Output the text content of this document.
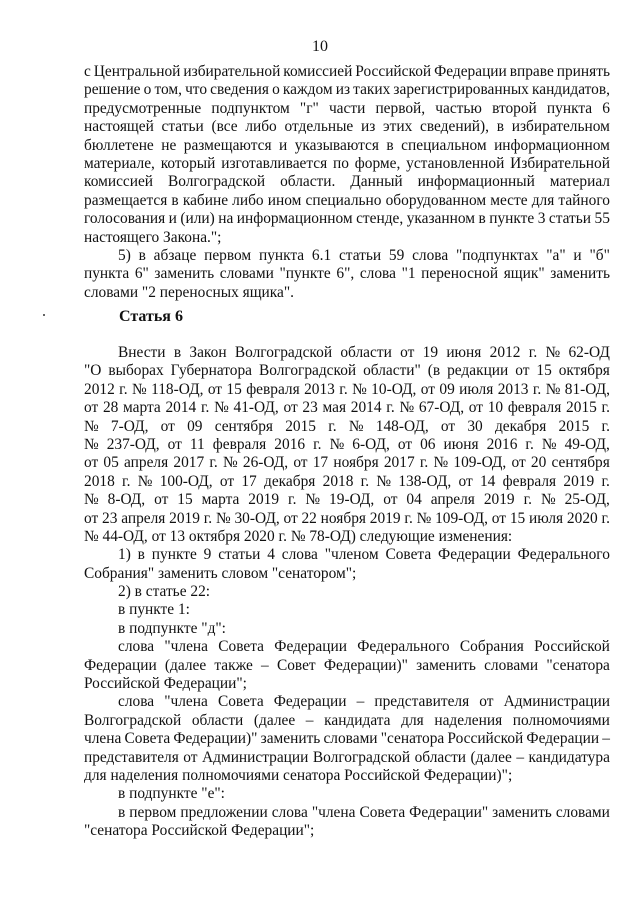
10
с Центральной избирательной комиссией Российской Федерации вправе принять
решение о том, что сведения о каждом из таких зарегистрированных кандидатов,
предусмотренные подпунктом "г" части первой, частью второй пункта 6
настоящей статьи (все либо отдельные из этих сведений), в избирательном
бюллетене не размещаются и указываются в специальном информационном
материале, который изготавливается по форме, установленной Избирательной
комиссией Волгоградской области. Данный информационный материал
размещается в кабине либо ином специально оборудованном месте для тайного
голосования и (или) на информационном стенде, указанном в пункте 3 статьи 55
настоящего Закона.";
5) в абзаце первом пункта 6.1 статьи 59 слова "подпунктах "а" и "б"
пункта 6" заменить словами "пункте 6", слова "1 переносной ящик" заменить
словами "2 переносных ящика".
Статья 6
Внести в Закон Волгоградской области от 19 июня 2012 г. № 62-ОД
"О выборах Губернатора Волгоградской области" (в редакции от 15 октября
2012 г. № 118-ОД, от 15 февраля 2013 г. № 10-ОД, от 09 июля 2013 г. № 81-ОД,
от 28 марта 2014 г. № 41-ОД, от 23 мая 2014 г. № 67-ОД, от 10 февраля 2015 г.
№ 7-ОД, от 09 сентября 2015 г. № 148-ОД, от 30 декабря 2015 г.
№ 237-ОД, от 11 февраля 2016 г. № 6-ОД, от 06 июня 2016 г. № 49-ОД,
от 05 апреля 2017 г. № 26-ОД, от 17 ноября 2017 г. № 109-ОД, от 20 сентября
2018 г. № 100-ОД, от 17 декабря 2018 г. № 138-ОД, от 14 февраля 2019 г.
№ 8-ОД, от 15 марта 2019 г. № 19-ОД, от 04 апреля 2019 г. № 25-ОД,
от 23 апреля 2019 г. № 30-ОД, от 22 ноября 2019 г. № 109-ОД, от 15 июля 2020 г.
№ 44-ОД, от 13 октября 2020 г. № 78-ОД) следующие изменения:
1) в пункте 9 статьи 4 слова "членом Совета Федерации Федерального
Собрания" заменить словом "сенатором";
2) в статье 22:
в пункте 1:
в подпункте "д":
слова "члена Совета Федерации Федерального Собрания Российской
Федерации (далее также – Совет Федерации)" заменить словами "сенатора
Российской Федерации";
слова "члена Совета Федерации – представителя от Администрации
Волгоградской области (далее – кандидата для наделения полномочиями
члена Совета Федерации)" заменить словами "сенатора Российской Федерации –
представителя от Администрации Волгоградской области (далее – кандидатура
для наделения полномочиями сенатора Российской Федерации)";
в подпункте "е":
в первом предложении слова "члена Совета Федерации" заменить словами
"сенатора Российской Федерации";
